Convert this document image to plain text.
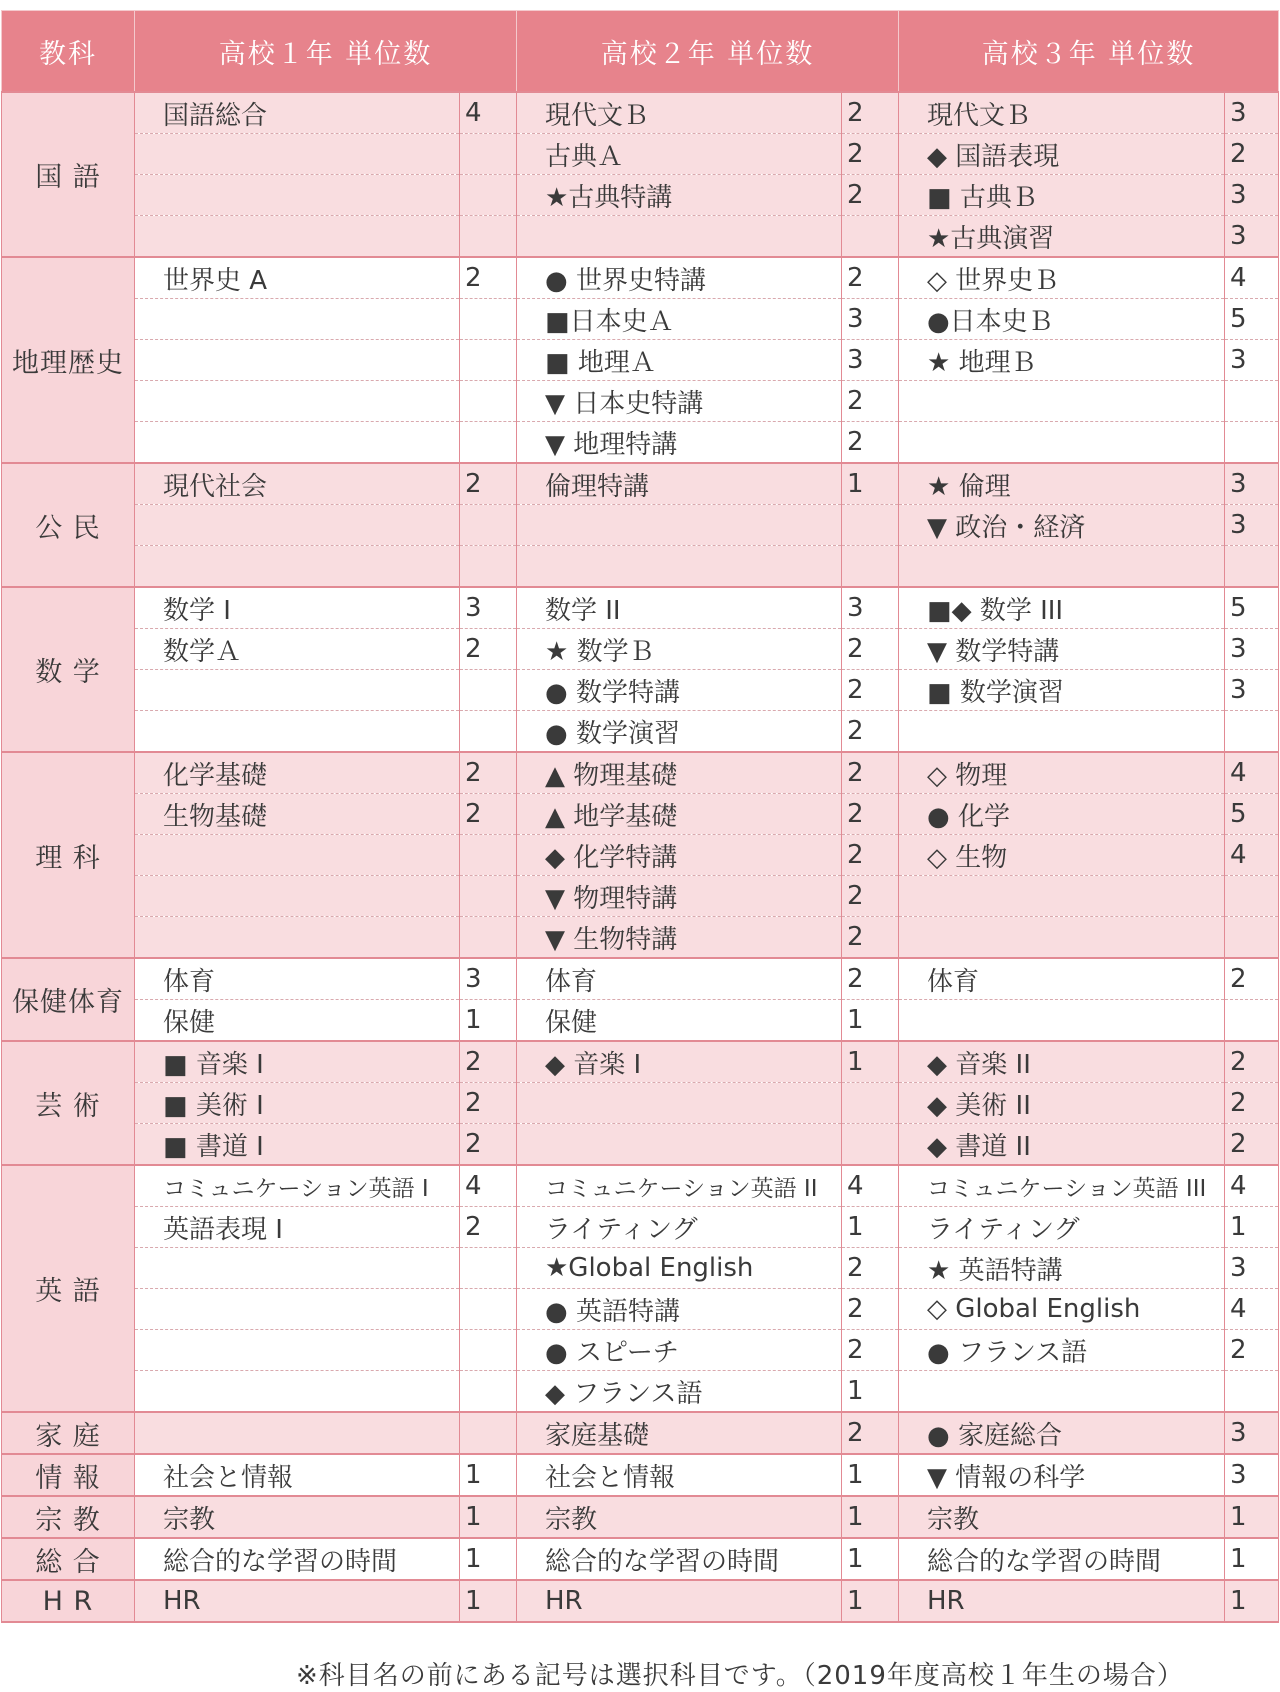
教科	高校１年 単位数		高校２年 単位数		高校３年 単位数	
国 語	国語総合	4	現代文Ｂ	2	現代文Ｂ	3
			古典Ａ	2	◆ 国語表現	2
			★古典特講	2	■ 古典Ｂ	3
					★古典演習	3
地理歴史	世界史 A	2	● 世界史特講	2	◇ 世界史Ｂ	4
			■日本史Ａ	3	●日本史Ｂ	5
			■ 地理Ａ	3	★ 地理Ｂ	3
			▼ 日本史特講	2		
			▼ 地理特講	2		
公 民	現代社会	2	倫理特講	1	★ 倫理	3
					▼ 政治・経済	3

数 学	数学 I	3	数学 II	3	■◆ 数学 III	5
	数学Ａ	2	★ 数学Ｂ	2	▼ 数学特講	3
			● 数学特講	2	■ 数学演習	3
			● 数学演習	2		
理 科	化学基礎	2	▲ 物理基礎	2	◇ 物理	4
	生物基礎	2	▲ 地学基礎	2	● 化学	5
			◆ 化学特講	2	◇ 生物	4
			▼ 物理特講	2		
			▼ 生物特講	2		
保健体育	体育	3	体育	2	体育	2
	保健	1	保健	1		
芸 術	■ 音楽 I	2	◆ 音楽 I	1	◆ 音楽 II	2
	■ 美術 I	2			◆ 美術 II	2
	■ 書道 I	2			◆ 書道 II	2
英 語	コミュニケーション英語 I	4	コミュニケーション英語 II	4	コミュニケーション英語 III	4
	英語表現 I	2	ライティング	1	ライティング	1
			★Global English	2	★ 英語特講	3
			● 英語特講	2	◇ Global English	4
			● スピーチ	2	● フランス語	2
			◆ フランス語	1		
家 庭			家庭基礎	2	● 家庭総合	3
情 報	社会と情報	1	社会と情報	1	▼ 情報の科学	3
宗 教	宗教	1	宗教	1	宗教	1
総 合	総合的な学習の時間	1	総合的な学習の時間	1	総合的な学習の時間	1
H R	HR	1	HR	1	HR	1
※科目名の前にある記号は選択科目です。（2019年度高校１年生の場合）
